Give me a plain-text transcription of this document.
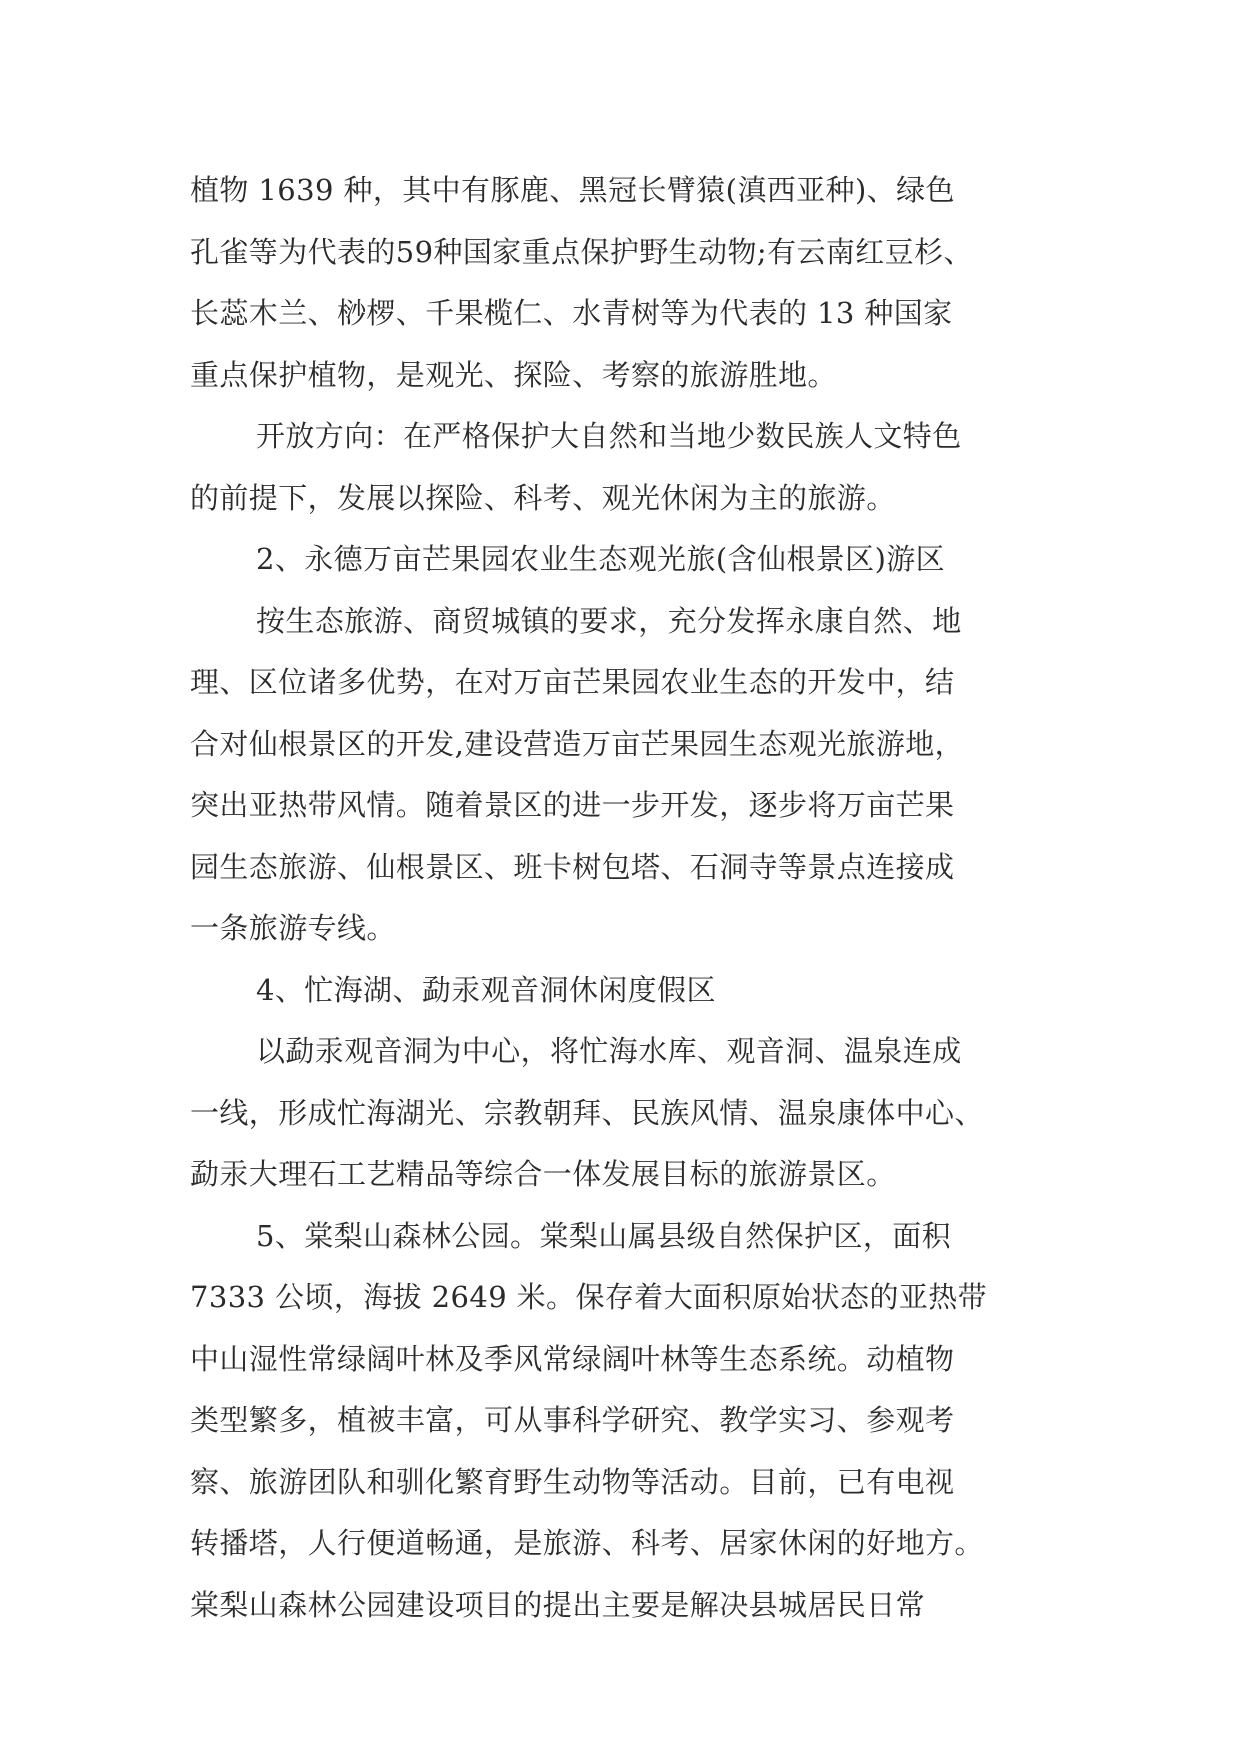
植物 1639 种，其中有豚鹿、黑冠长臂猿(滇西亚种)、绿色
孔雀等为代表的59种国家重点保护野生动物;有云南红豆杉、
长蕊木兰、桫椤、千果榄仁、水青树等为代表的 13 种国家
重点保护植物，是观光、探险、考察的旅游胜地。
开放方向：在严格保护大自然和当地少数民族人文特色
的前提下，发展以探险、科考、观光休闲为主的旅游。
2、永德万亩芒果园农业生态观光旅(含仙根景区)游区
按生态旅游、商贸城镇的要求，充分发挥永康自然、地
理、区位诸多优势，在对万亩芒果园农业生态的开发中，结
合对仙根景区的开发,建设营造万亩芒果园生态观光旅游地，
突出亚热带风情。随着景区的进一步开发，逐步将万亩芒果
园生态旅游、仙根景区、班卡树包塔、石洞寺等景点连接成
一条旅游专线。
4、忙海湖、勐汞观音洞休闲度假区
以勐汞观音洞为中心，将忙海水库、观音洞、温泉连成
一线，形成忙海湖光、宗教朝拜、民族风情、温泉康体中心、
勐汞大理石工艺精品等综合一体发展目标的旅游景区。
5、棠梨山森林公园。棠梨山属县级自然保护区，面积
7333 公顷，海拔 2649 米。保存着大面积原始状态的亚热带
中山湿性常绿阔叶林及季风常绿阔叶林等生态系统。动植物
类型繁多，植被丰富，可从事科学研究、教学实习、参观考
察、旅游团队和驯化繁育野生动物等活动。目前，已有电视
转播塔，人行便道畅通，是旅游、科考、居家休闲的好地方。
棠梨山森林公园建设项目的提出主要是解决县城居民日常
